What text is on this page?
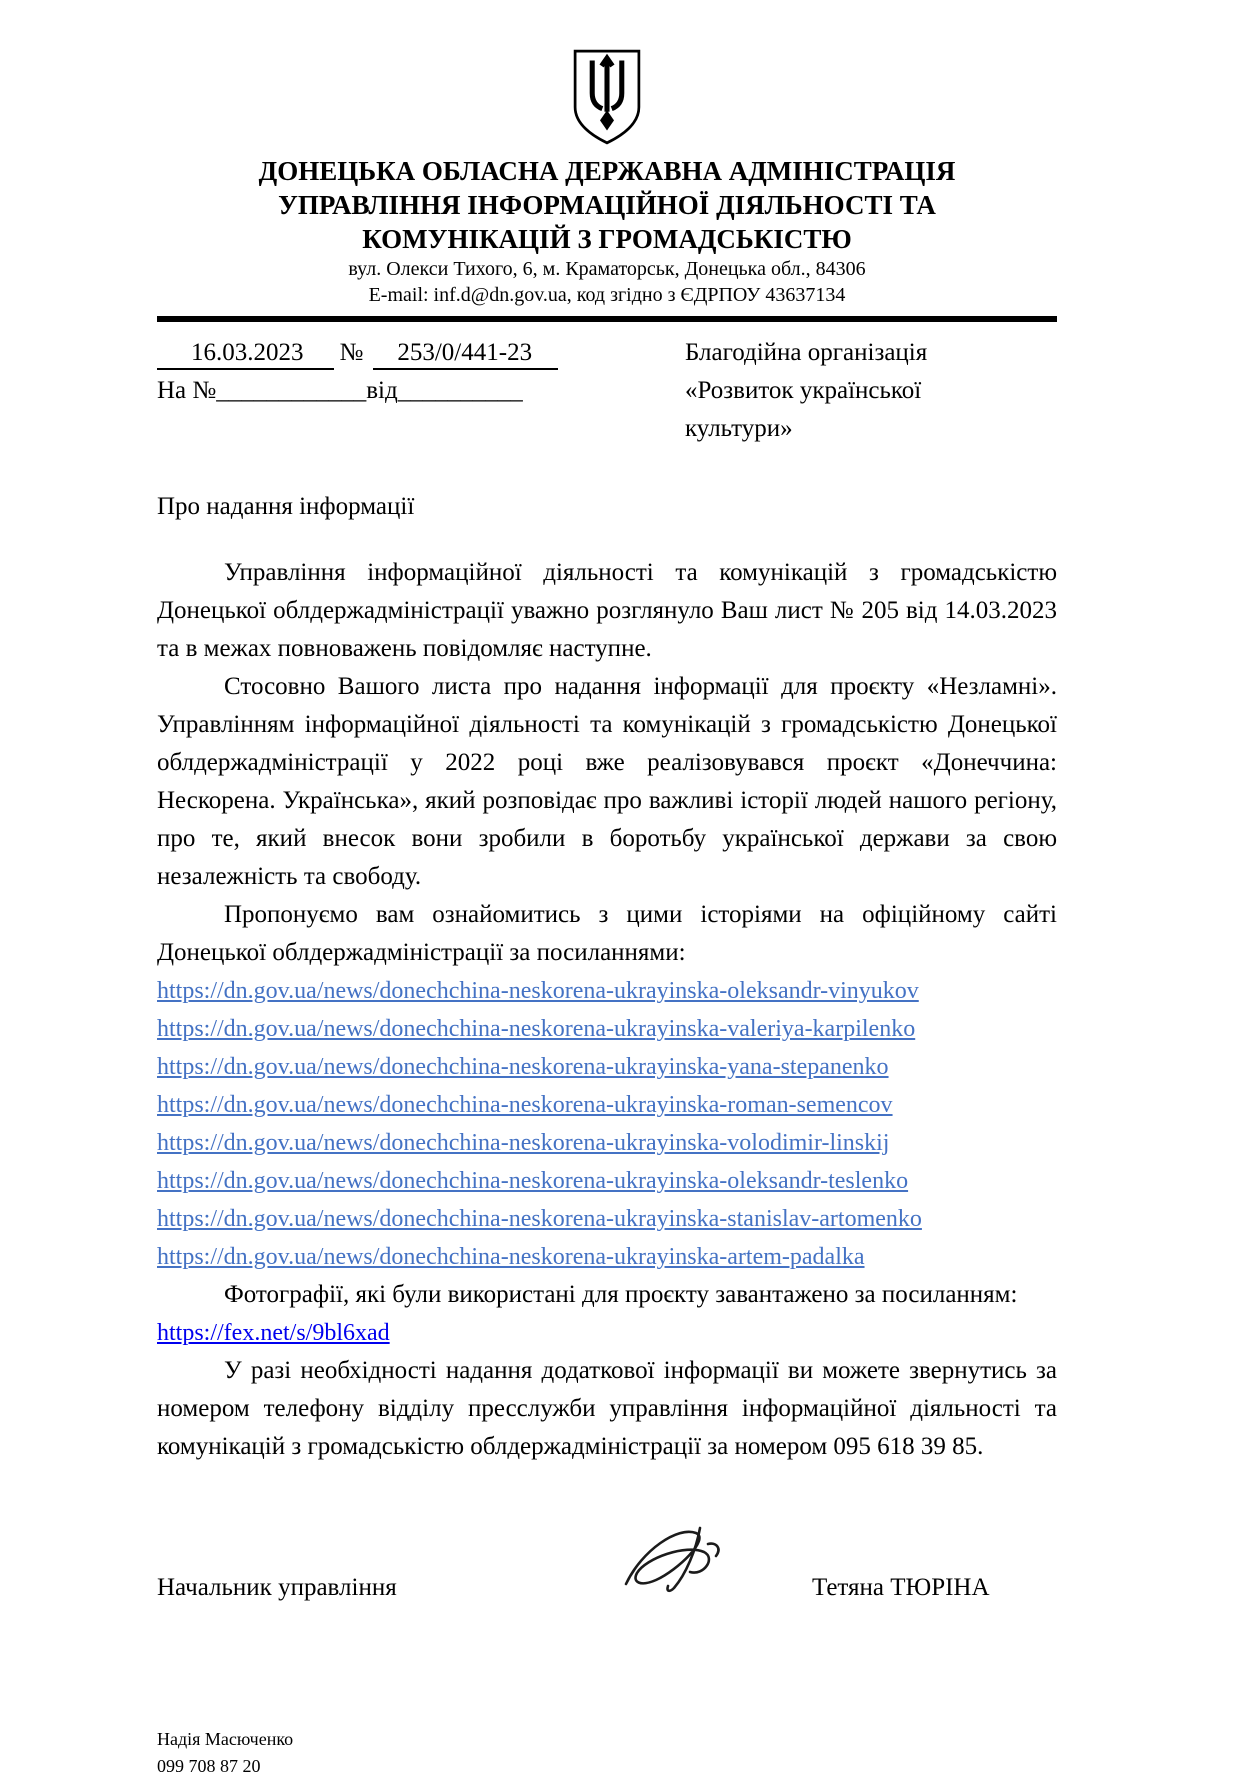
ДОНЕЦЬКА ОБЛАСНА ДЕРЖАВНА АДМІНІСТРАЦІЯ
УПРАВЛІННЯ ІНФОРМАЦІЙНОЇ ДІЯЛЬНОСТІ ТА
КОМУНІКАЦІЙ З ГРОМАДСЬКІСТЮ
вул. Олекси Тихого, 6, м. Краматорськ, Донецька обл., 84306
E-mail: inf.d@dn.gov.ua, код згідно з ЄДРПОУ 43637134
16.03.2023 № 253/0/441-23
На №____________від__________
Благодійна організація
«Розвиток української
культури»
Про надання інформації

Управління інформаційної діяльності та комунікацій з громадськістю Донецької облдержадміністрації уважно розглянуло Ваш лист № 205 від 14.03.2023 та в межах повноважень повідомляє наступне.

Стосовно Вашого листа про надання інформації для проєкту «Незламні». Управлінням інформаційної діяльності та комунікацій з громадськістю Донецької облдержадміністрації у 2022 році вже реалізовувався проєкт «Донеччина: Нескорена. Українська», який розповідає про важливі історії людей нашого регіону, про те, який внесок вони зробили в боротьбу української держави за свою незалежність та свободу.

Пропонуємо вам ознайомитись з цими історіями на офіційному сайті Донецької облдержадміністрації за посиланнями:

https://dn.gov.ua/news/donechchina-neskorena-ukrayinska-oleksandr-vinyukov
https://dn.gov.ua/news/donechchina-neskorena-ukrayinska-valeriya-karpilenko
https://dn.gov.ua/news/donechchina-neskorena-ukrayinska-yana-stepanenko
https://dn.gov.ua/news/donechchina-neskorena-ukrayinska-roman-semencov
https://dn.gov.ua/news/donechchina-neskorena-ukrayinska-volodimir-linskij
https://dn.gov.ua/news/donechchina-neskorena-ukrayinska-oleksandr-teslenko
https://dn.gov.ua/news/donechchina-neskorena-ukrayinska-stanislav-artomenko
https://dn.gov.ua/news/donechchina-neskorena-ukrayinska-artem-padalka

Фотографії, які були використані для проєкту завантажено за посиланням:

https://fex.net/s/9bl6xad

У разі необхідності надання додаткової інформації ви можете звернутись за номером телефону відділу пресслужби управління інформаційної діяльності та комунікацій з громадськістю облдержадміністрації за номером 095 618 39 85.

Начальник управління	Тетяна ТЮРІНА
Надія Масюченко
099 708 87 20
